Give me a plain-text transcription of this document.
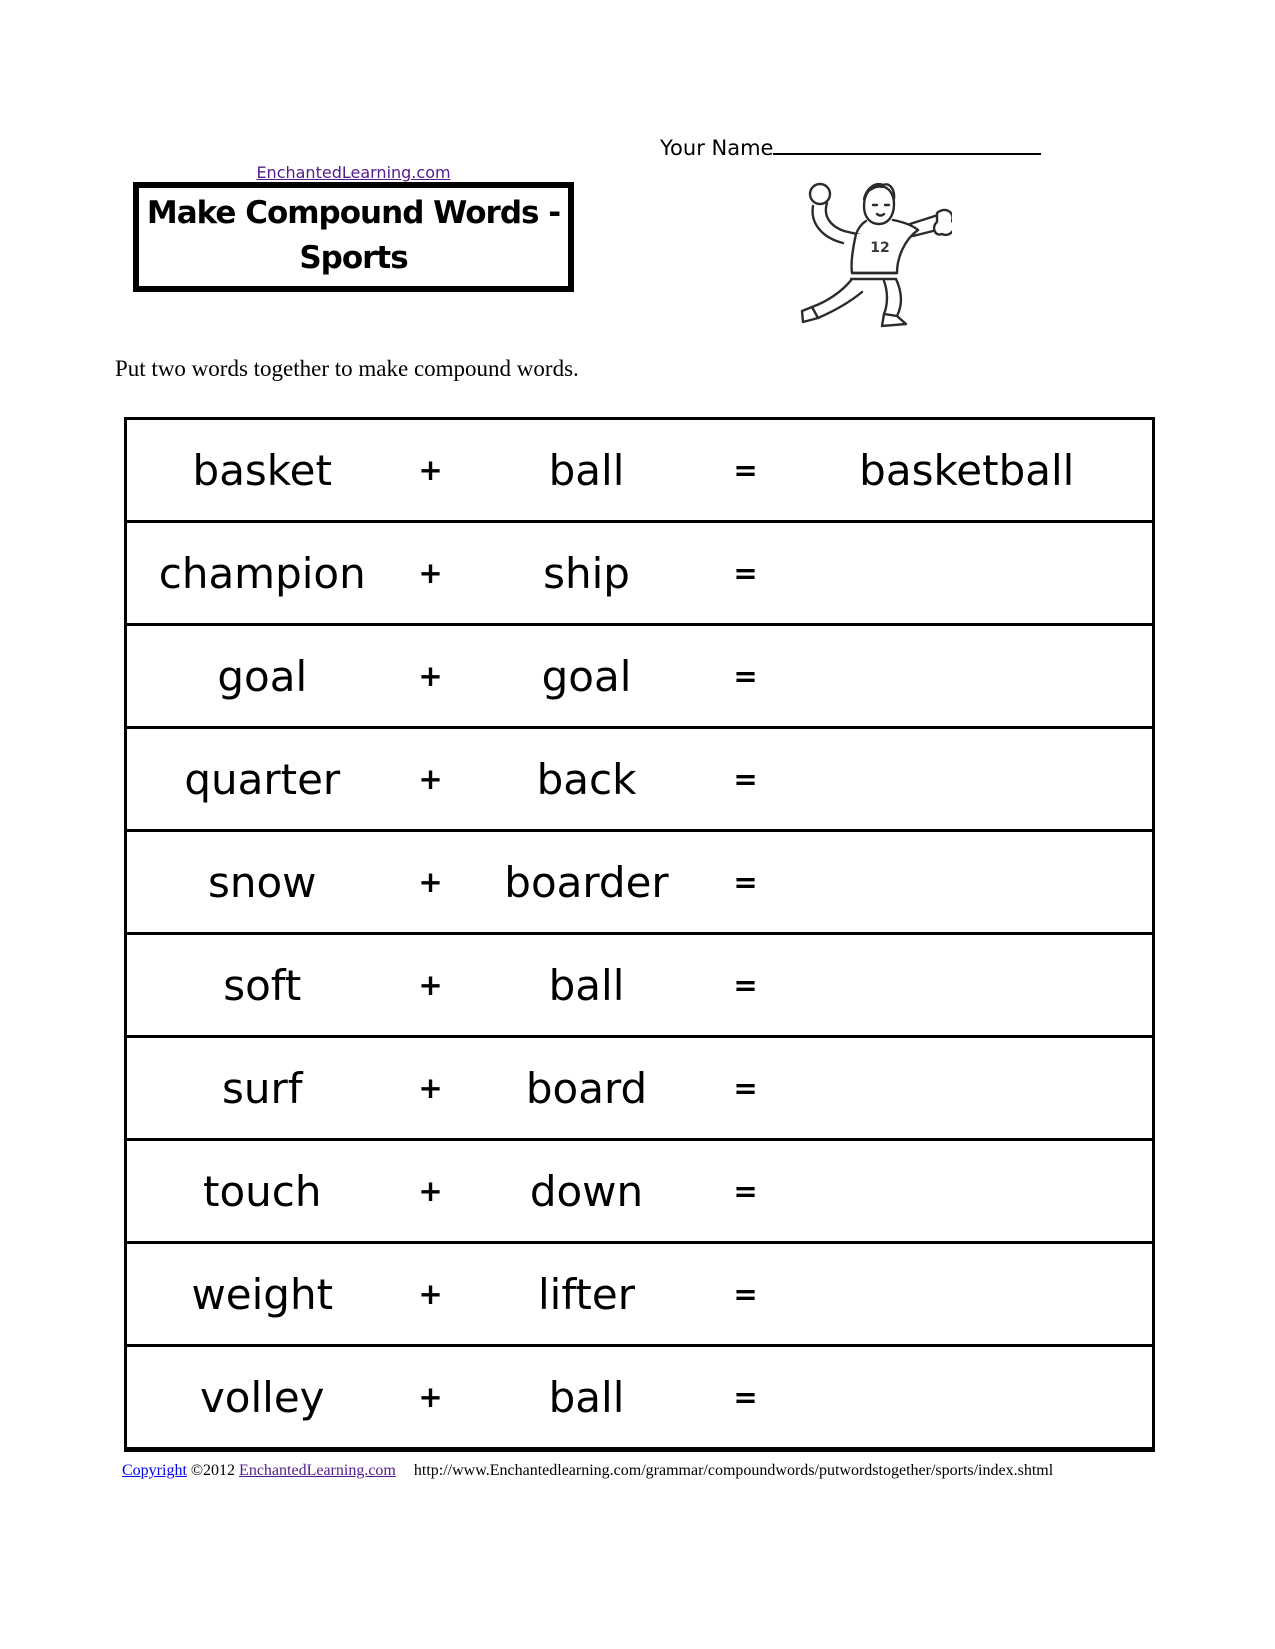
EnchantedLearning.com
Make Compound Words -
Sports
Your Name
12
Put two words together to make compound words.
basket	+	ball	=	basketball
champion	+	ship	=	
goal	+	goal	=	
quarter	+	back	=	
snow	+	boarder	=	
soft	+	ball	=	
surf	+	board	=	
touch	+	down	=	
weight	+	lifter	=	
volley	+	ball	=	
Copyright ©2012 EnchantedLearning.com http://www.Enchantedlearning.com/grammar/compoundwords/putwordstogether/sports/index.shtml
